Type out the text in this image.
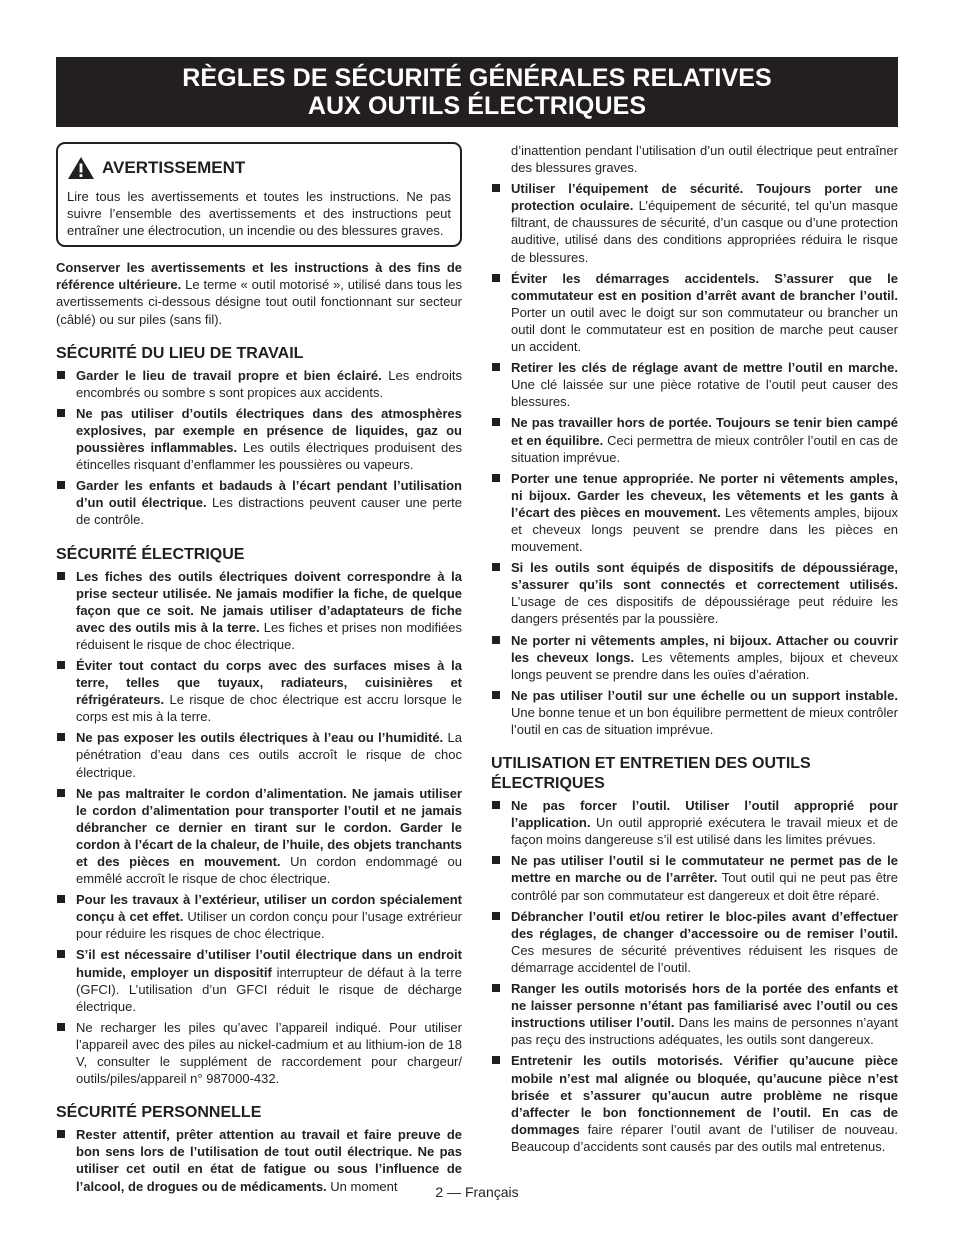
RÈGLES DE SÉCURITÉ GÉNÉRALES RELATIVES
AUX OUTILS ÉLECTRIQUES
AVERTISSEMENT

Lire tous les avertissements et toutes les instructions. Ne pas suivre l’ensemble des avertissements et des instructions peut entraîner une électrocution, un incendie ou des blessures graves.

Conserver les avertissements et les instructions à des fins de référence ultérieure. Le terme « outil motorisé », utilisé dans tous les avertissements ci-dessous désigne tout outil fonctionnant sur secteur (câblé) ou sur piles (sans fil).

SÉCURITÉ DU LIEU DE TRAVAIL
Garder le lieu de travail propre et bien éclairé. Les endroits encombrés ou sombre s sont propices aux accidents.
Ne pas utiliser d’outils électriques dans des atmosphères explosives, par exemple en présence de liquides, gaz ou poussières inflammables. Les outils électriques produisent des étincelles risquant d’enflammer les poussières ou vapeurs.
Garder les enfants et badauds à l’écart pendant l’utilisation d’un outil électrique. Les distractions peuvent causer une perte de contrôle.
SÉCURITÉ ÉLECTRIQUE
Les fiches des outils électriques doivent correspondre à la prise secteur utilisée. Ne jamais modifier la fiche, de quelque façon que ce soit. Ne jamais utiliser d’adaptateurs de fiche avec des outils mis à la terre. Les fiches et prises non modifiées réduisent le risque de choc électrique.
Éviter tout contact du corps avec des surfaces mises à la terre, telles que tuyaux, radiateurs, cuisinières et réfrigérateurs. Le risque de choc électrique est accru lorsque le corps est mis à la terre.
Ne pas exposer les outils électriques à l’eau ou l’humidité. La pénétration d’eau dans ces outils accroît le risque de choc électrique.
Ne pas maltraiter le cordon d’alimentation. Ne jamais utiliser le cordon d’alimentation pour transporter l’outil et ne jamais débrancher ce dernier en tirant sur le cordon. Garder le cordon à l’écart de la chaleur, de l’huile, des objets tranchants et des pièces en mouvement. Un cordon endommagé ou emmêlé accroît le risque de choc électrique.
Pour les travaux à l’extérieur, utiliser un cordon spécialement conçu à cet effet. Utiliser un cordon conçu pour l’usage extrérieur pour réduire les risques de choc électrique.
S’il est nécessaire d’utiliser l’outil électrique dans un endroit humide, employer un dispositif interrupteur de défaut à la terre (GFCI). L’utilisation d’un GFCI réduit le risque de décharge électrique.
Ne recharger les piles qu’avec l’appareil indiqué. Pour utiliser l’appareil avec des piles au nickel-cadmium et au lithium-ion de 18 V, consulter le supplément de raccordement pour chargeur/ outils/piles/appareil n° 987000-432.
SÉCURITÉ PERSONNELLE
Rester attentif, prêter attention au travail et faire preuve de bon sens lors de l’utilisation de tout outil électrique. Ne pas utiliser cet outil en état de fatigue ou sous l’influence de l’alcool, de drogues ou de médicaments. Un moment

d’inattention pendant l’utilisation d’un outil électrique peut entraîner des blessures graves.

Utiliser l’équipement de sécurité. Toujours porter une protection oculaire. L’équipement de sécurité, tel qu’un masque filtrant, de chaussures de sécurité, d’un casque ou d’une protection auditive, utilisé dans des conditions appropriées réduira le risque de blessures.
Éviter les démarrages accidentels. S’assurer que le commutateur est en position d’arrêt avant de brancher l’outil. Porter un outil avec le doigt sur son commutateur ou brancher un outil dont le commutateur est en position de marche peut causer un accident.
Retirer les clés de réglage avant de mettre l’outil en marche. Une clé laissée sur une pièce rotative de l’outil peut causer des blessures.
Ne pas travailler hors de portée. Toujours se tenir bien campé et en équilibre. Ceci permettra de mieux contrôler l’outil en cas de situation imprévue.
Porter une tenue appropriée. Ne porter ni vêtements amples, ni bijoux. Garder les cheveux, les vêtements et les gants à l’écart des pièces en mouvement. Les vêtements amples, bijoux et cheveux longs peuvent se prendre dans les pièces en mouvement.
Si les outils sont équipés de dispositifs de dépoussiérage, s’assurer qu’ils sont connectés et correctement utilisés. L’usage de ces dispositifs de dépoussiérage peut réduire les dangers présentés par la poussière.
Ne porter ni vêtements amples, ni bijoux. Attacher ou couvrir les cheveux longs. Les vêtements amples, bijoux et cheveux longs peuvent se prendre dans les ouïes d’aération.
Ne pas utiliser l’outil sur une échelle ou un support instable. Une bonne tenue et un bon équilibre permettent de mieux contrôler l’outil en cas de situation imprévue.
UTILISATION ET ENTRETIEN DES OUTILS ÉLECTRIQUES
Ne pas forcer l’outil. Utiliser l’outil approprié pour l’application. Un outil approprié exécutera le travail mieux et de façon moins dangereuse s’il est utilisé dans les limites prévues.
Ne pas utiliser l’outil si le commutateur ne permet pas de le mettre en marche ou de l’arrêter. Tout outil qui ne peut pas être contrôlé par son commutateur est dangereux et doit être réparé.
Débrancher l’outil et/ou retirer le bloc-piles avant d’effectuer des réglages, de changer d’accessoire ou de remiser l’outil. Ces mesures de sécurité préventives réduisent les risques de démarrage accidentel de l’outil.
Ranger les outils motorisés hors de la portée des enfants et ne laisser personne n’étant pas familiarisé avec l’outil ou ces instructions utiliser l’outil. Dans les mains de personnes n’ayant pas reçu des instructions adéquates, les outils sont dangereux.
Entretenir les outils motorisés. Vérifier qu’aucune pièce mobile n’est mal alignée ou bloquée, qu’aucune pièce n’est brisée et s’assurer qu’aucun autre problème ne risque d’affecter le bon fonctionnement de l’outil. En cas de dommages faire réparer l’outil avant de l’utiliser de nouveau. Beaucoup d’accidents sont causés par des outils mal entretenus.
2 — Français
